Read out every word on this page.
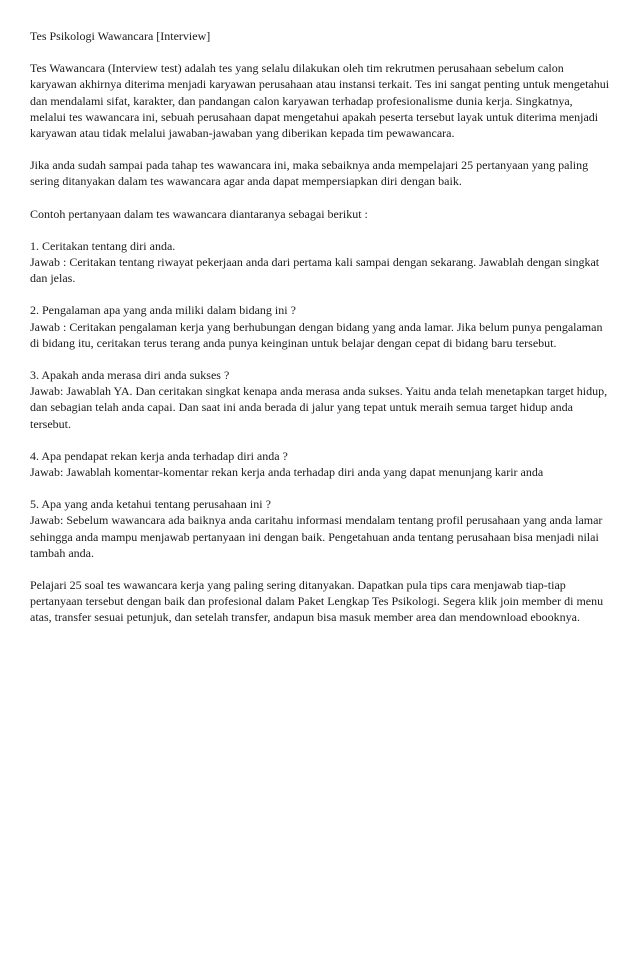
Tes Psikologi Wawancara [Interview]

Tes Wawancara (Interview test) adalah tes yang selalu dilakukan oleh tim rekrutmen perusahaan sebelum calon karyawan akhirnya diterima menjadi karyawan perusahaan atau instansi terkait. Tes ini sangat penting untuk mengetahui dan mendalami sifat, karakter, dan pandangan calon karyawan terhadap profesionalisme dunia kerja. Singkatnya, melalui tes wawancara ini, sebuah perusahaan dapat mengetahui apakah peserta tersebut layak untuk diterima menjadi karyawan atau tidak melalui jawaban-jawaban yang diberikan kepada tim pewawancara.

Jika anda sudah sampai pada tahap tes wawancara ini, maka sebaiknya anda mempelajari 25 pertanyaan yang paling sering ditanyakan dalam tes wawancara agar anda dapat mempersiapkan diri dengan baik.

Contoh pertanyaan dalam tes wawancara diantaranya sebagai berikut :

1. Ceritakan tentang diri anda.
Jawab : Ceritakan tentang riwayat pekerjaan anda dari pertama kali sampai dengan sekarang. Jawablah dengan singkat dan jelas.
2. Pengalaman apa yang anda miliki dalam bidang ini ?
Jawab : Ceritakan pengalaman kerja yang berhubungan dengan bidang yang anda lamar. Jika belum punya pengalaman di bidang itu, ceritakan terus terang anda punya keinginan untuk belajar dengan cepat di bidang baru tersebut.
3. Apakah anda merasa diri anda sukses ?
Jawab: Jawablah YA. Dan ceritakan singkat kenapa anda merasa anda sukses. Yaitu anda telah menetapkan target hidup, dan sebagian telah anda capai. Dan saat ini anda berada di jalur yang tepat untuk meraih semua target hidup anda tersebut.
4. Apa pendapat rekan kerja anda terhadap diri anda ?
Jawab: Jawablah komentar-komentar rekan kerja anda terhadap diri anda yang dapat menunjang karir anda
5. Apa yang anda ketahui tentang perusahaan ini ?
Jawab: Sebelum wawancara ada baiknya anda caritahu informasi mendalam tentang profil perusahaan yang anda lamar sehingga anda mampu menjawab pertanyaan ini dengan baik. Pengetahuan anda tentang perusahaan bisa menjadi nilai tambah anda.

Pelajari 25 soal tes wawancara kerja yang paling sering ditanyakan. Dapatkan pula tips cara menjawab tiap-tiap pertanyaan tersebut dengan baik dan profesional dalam Paket Lengkap Tes Psikologi. Segera klik join member di menu atas, transfer sesuai petunjuk, dan setelah transfer, andapun bisa masuk member area dan mendownload ebooknya.
